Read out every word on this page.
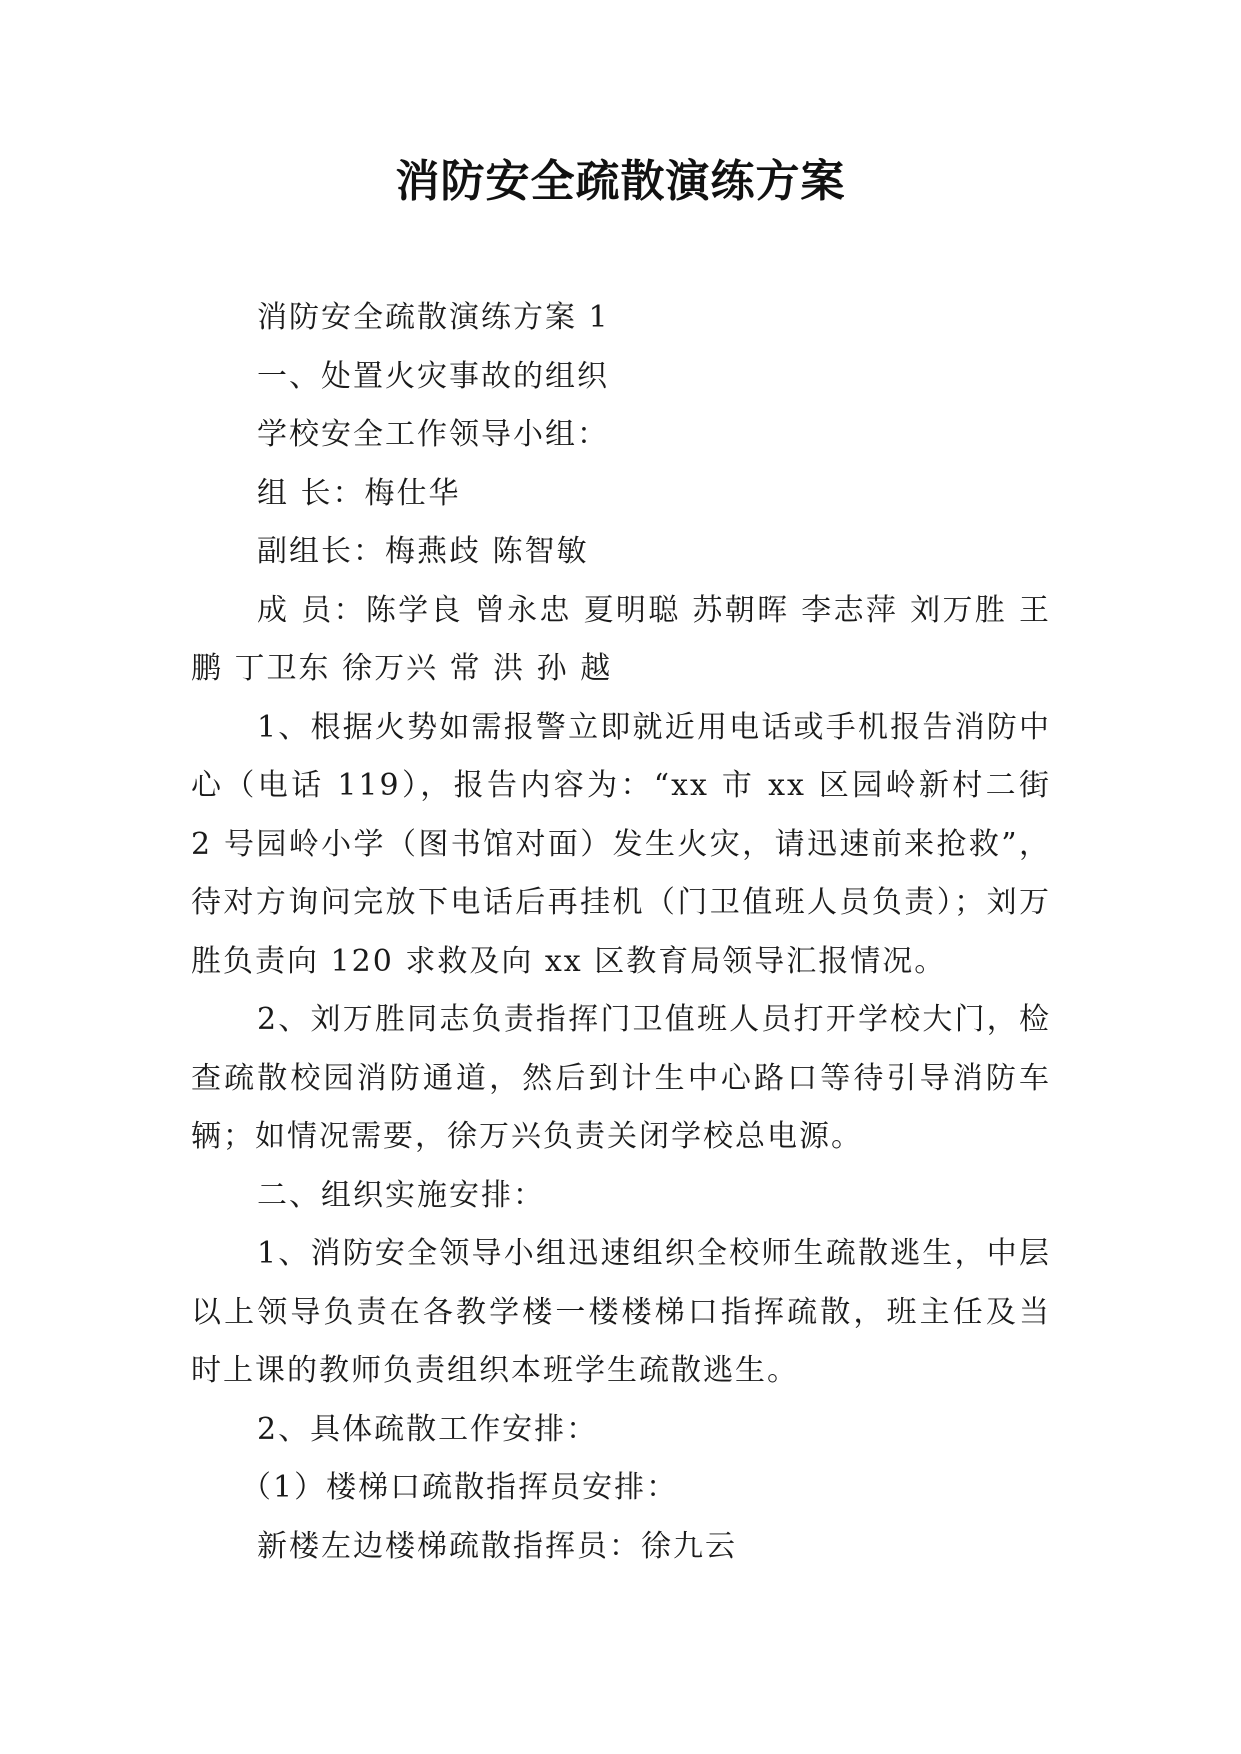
消防安全疏散演练方案

消防安全疏散演练方案 1

一、处置火灾事故的组织

学校安全工作领导小组：

组 长：梅仕华

副组长：梅燕歧 陈智敏

成 员：陈学良 曾永忠 夏明聪 苏朝晖 李志萍 刘万胜 王 鹏 丁卫东 徐万兴 常 洪 孙 越

1、根据火势如需报警立即就近用电话或手机报告消防中心（电话 119），报告内容为：“xx 市 xx 区园岭新村二街 2 号园岭小学（图书馆对面）发生火灾，请迅速前来抢救”，待对方询问完放下电话后再挂机（门卫值班人员负责）；刘万胜负责向 120 求救及向 xx 区教育局领导汇报情况。

2、刘万胜同志负责指挥门卫值班人员打开学校大门，检查疏散校园消防通道，然后到计生中心路口等待引导消防车辆；如情况需要，徐万兴负责关闭学校总电源。

二、组织实施安排：

1、消防安全领导小组迅速组织全校师生疏散逃生，中层以上领导负责在各教学楼一楼楼梯口指挥疏散，班主任及当时上课的教师负责组织本班学生疏散逃生。

2、具体疏散工作安排：

（1）楼梯口疏散指挥员安排：

新楼左边楼梯疏散指挥员：徐九云
